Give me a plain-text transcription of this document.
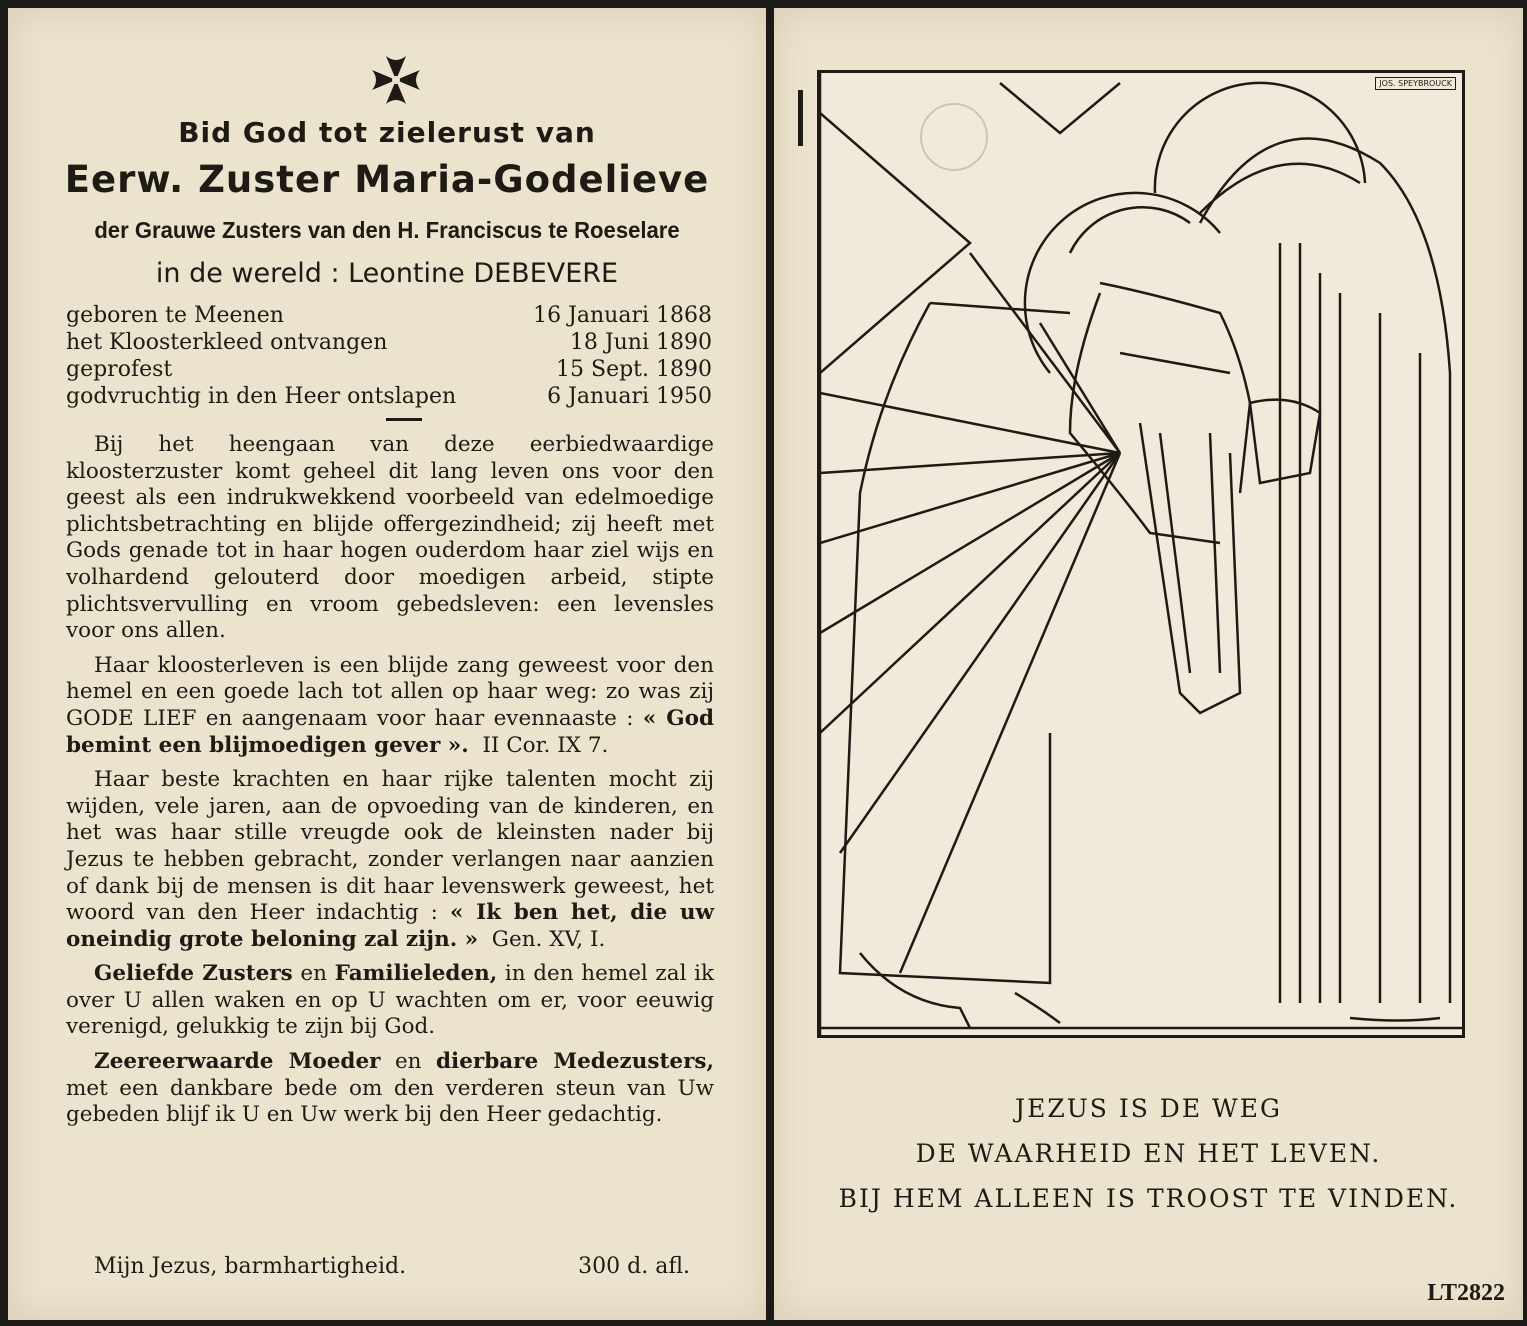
Bid God tot zielerust van
Eerw. Zuster Maria-Godelieve
der Grauwe Zusters van den H. Franciscus te Roeselare
in de wereld : Leontine DEBEVERE
geboren te Meenen	16 Januari 1868
het Kloosterkleed ontvangen	18 Juni 1890
geprofest	15 Sept. 1890
godvruchtig in den Heer ontslapen	6 Januari 1950

Bij het heengaan van deze eerbiedwaardige kloosterzuster komt geheel dit lang leven ons voor den geest als een indrukwekkend voorbeeld van edelmoedige plichtsbetrachting en blijde offergezindheid; zij heeft met Gods genade tot in haar hogen ouderdom haar ziel wijs en volhardend gelouterd door moedigen arbeid, stipte plichtsvervulling en vroom gebedsleven: een levensles voor ons allen.

Haar kloosterleven is een blijde zang geweest voor den hemel en een goede lach tot allen op haar weg: zo was zij GODE LIEF en aangenaam voor haar evennaaste : « God bemint een blijmoedigen gever ». II Cor. IX 7.

Haar beste krachten en haar rijke talenten mocht zij wijden, vele jaren, aan de opvoeding van de kinderen, en het was haar stille vreugde ook de kleinsten nader bij Jezus te hebben gebracht, zonder verlangen naar aanzien of dank bij de mensen is dit haar levenswerk geweest, het woord van den Heer indachtig : « Ik ben het, die uw oneindig grote beloning zal zijn. » Gen. XV, I.

Geliefde Zusters en Familieleden, in den hemel zal ik over U allen waken en op U wachten om er, voor eeuwig verenigd, gelukkig te zijn bij God.

Zeereerwaarde Moeder en dierbare Medezusters, met een dankbare bede om den verderen steun van Uw gebeden blijf ik U en Uw werk bij den Heer gedachtig.

Mijn Jezus, barmhartigheid.	300 d. afl.
JOS. SPEYBROUCK
JEZUS IS DE WEG
DE WAARHEID EN HET LEVEN.
BIJ HEM ALLEEN IS TROOST TE VINDEN.
LT2822
